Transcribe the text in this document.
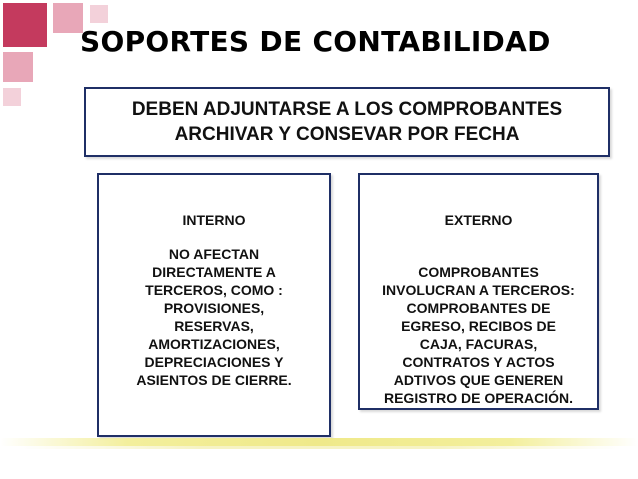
SOPORTES DE CONTABILIDAD
DEBEN ADJUNTARSE A LOS COMPROBANTES
ARCHIVAR Y CONSEVAR POR FECHA
INTERNO
NO AFECTAN
DIRECTAMENTE A
TERCEROS, COMO :
PROVISIONES,
RESERVAS,
AMORTIZACIONES,
DEPRECIACIONES Y
ASIENTOS DE CIERRE.
EXTERNO
COMPROBANTES
INVOLUCRAN A TERCEROS:
COMPROBANTES DE
EGRESO, RECIBOS DE
CAJA, FACURAS,
CONTRATOS Y ACTOS
ADTIVOS QUE GENEREN
REGISTRO DE OPERACIÓN.
